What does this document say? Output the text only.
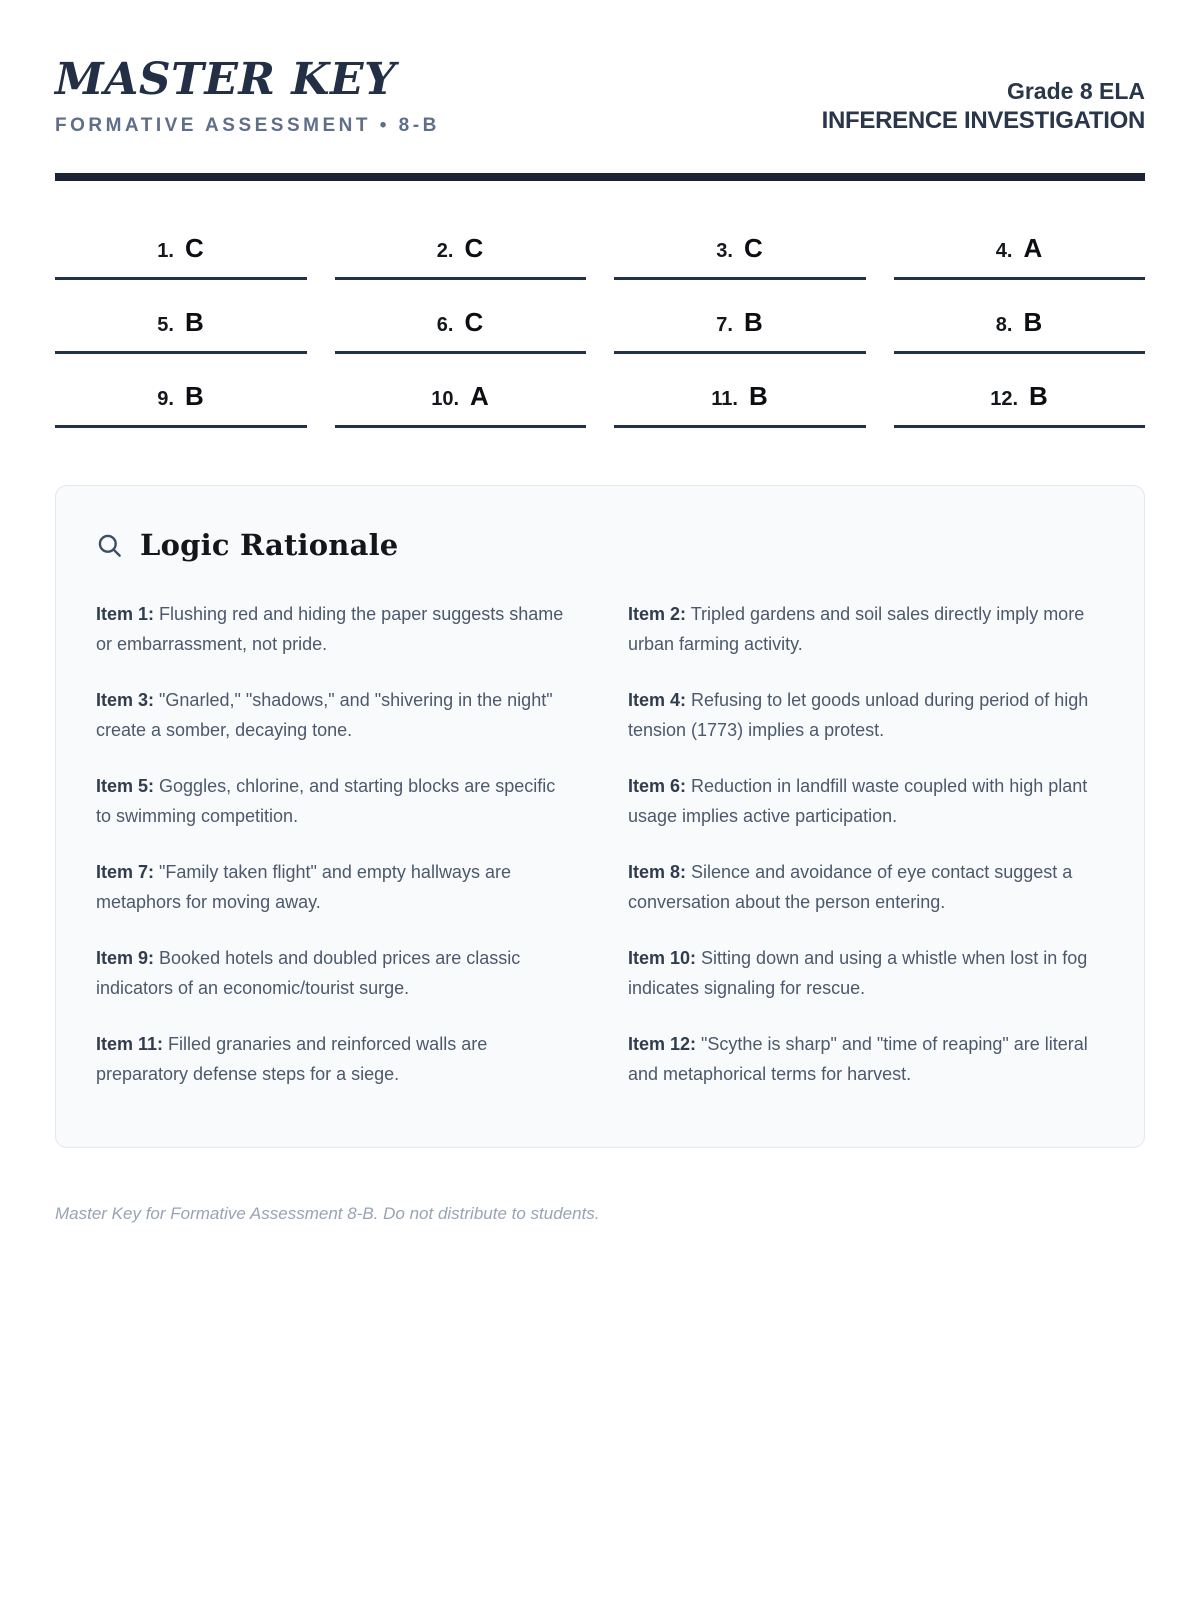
MASTER KEY
FORMATIVE ASSESSMENT • 8-B
Grade 8 ELA
INFERENCE INVESTIGATION
1. C	2. C	3. C	4. A
5. B	6. C	7. B	8. B
9. B	10. A	11. B	12. B
Logic Rationale

Item 1: Flushing red and hiding the paper suggests shame or embarrassment, not pride.

Item 3: "Gnarled," "shadows," and "shivering in the night" create a somber, decaying tone.

Item 5: Goggles, chlorine, and starting blocks are specific to swimming competition.

Item 7: "Family taken flight" and empty hallways are metaphors for moving away.

Item 9: Booked hotels and doubled prices are classic indicators of an economic/tourist surge.

Item 11: Filled granaries and reinforced walls are preparatory defense steps for a siege.

Item 2: Tripled gardens and soil sales directly imply more urban farming activity.

Item 4: Refusing to let goods unload during period of high tension (1773) implies a protest.

Item 6: Reduction in landfill waste coupled with high plant usage implies active participation.

Item 8: Silence and avoidance of eye contact suggest a conversation about the person entering.

Item 10: Sitting down and using a whistle when lost in fog indicates signaling for rescue.

Item 12: "Scythe is sharp" and "time of reaping" are literal and metaphorical terms for harvest.

Master Key for Formative Assessment 8-B. Do not distribute to students.
